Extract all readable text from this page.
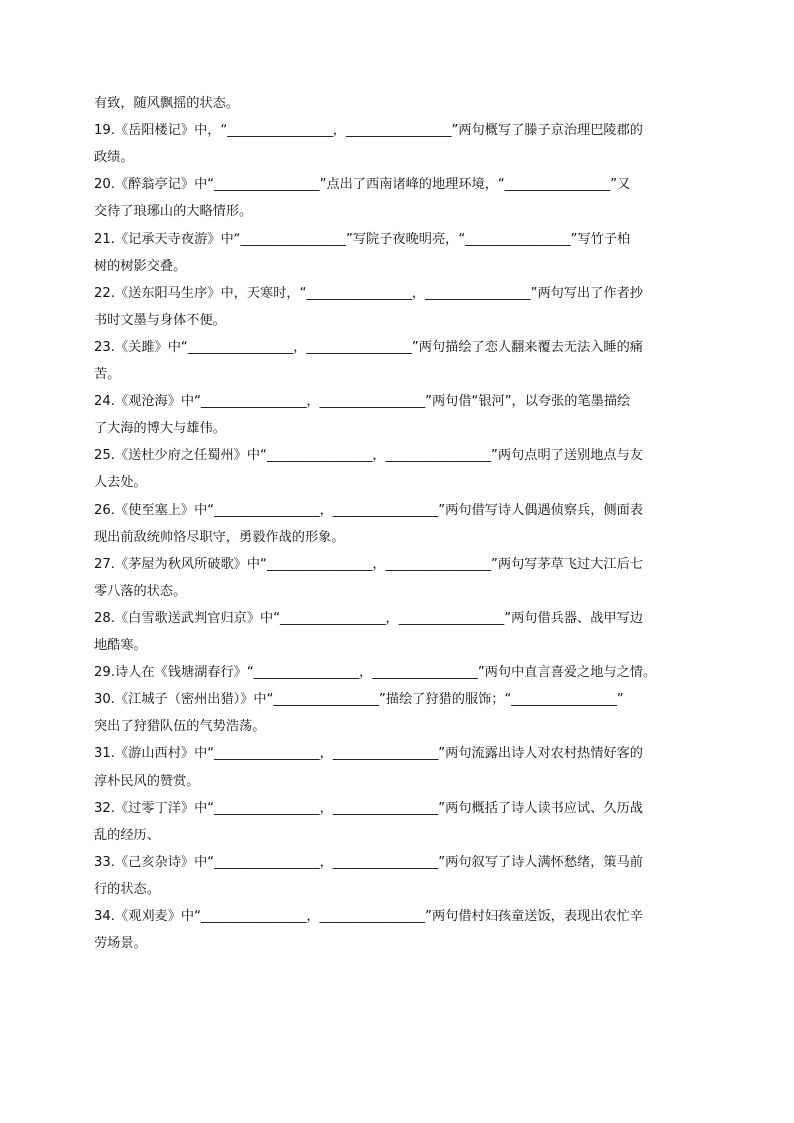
有致，随风飘摇的状态。
19.《岳阳楼记》中，“________________，________________”两句概写了滕子京治理巴陵郡的
政绩。
20.《醉翁亭记》中“________________”点出了西南诸峰的地理环境，“________________”又
交待了琅琊山的大略情形。
21.《记承天寺夜游》中“________________”写院子夜晚明亮，“________________”写竹子柏
树的树影交叠。
22.《送东阳马生序》中，天寒时，“________________，________________”两句写出了作者抄
书时文墨与身体不便。
23.《关雎》中“________________，________________”两句描绘了恋人翻来覆去无法入睡的痛
苦。
24.《观沧海》中“________________，________________”两句借“银河”，以夸张的笔墨描绘
了大海的博大与雄伟。
25.《送杜少府之任蜀州》中“________________，________________”两句点明了送别地点与友
人去处。
26.《使至塞上》中“________________，________________”两句借写诗人偶遇侦察兵，侧面表
现出前敌统帅恪尽职守，勇毅作战的形象。
27.《茅屋为秋风所破歌》中“________________，________________”两句写茅草飞过大江后七
零八落的状态。
28.《白雪歌送武判官归京》中“________________，________________”两句借兵器、战甲写边
地酷寒。
29.诗人在《钱塘湖春行》“________________，________________”两句中直言喜爱之地与之情。
30.《江城子（密州出猎）》中“________________”描绘了狩猎的服饰；“________________”
突出了狩猎队伍的气势浩荡。
31.《游山西村》中“________________，________________”两句流露出诗人对农村热情好客的
淳朴民风的赞赏。
32.《过零丁洋》中“________________，________________”两句概括了诗人读书应试、久历战
乱的经历、
33.《己亥杂诗》中“________________，________________”两句叙写了诗人满怀愁绪，策马前
行的状态。
34.《观刈麦》中“________________，________________”两句借村妇孩童送饭，表现出农忙辛
劳场景。
